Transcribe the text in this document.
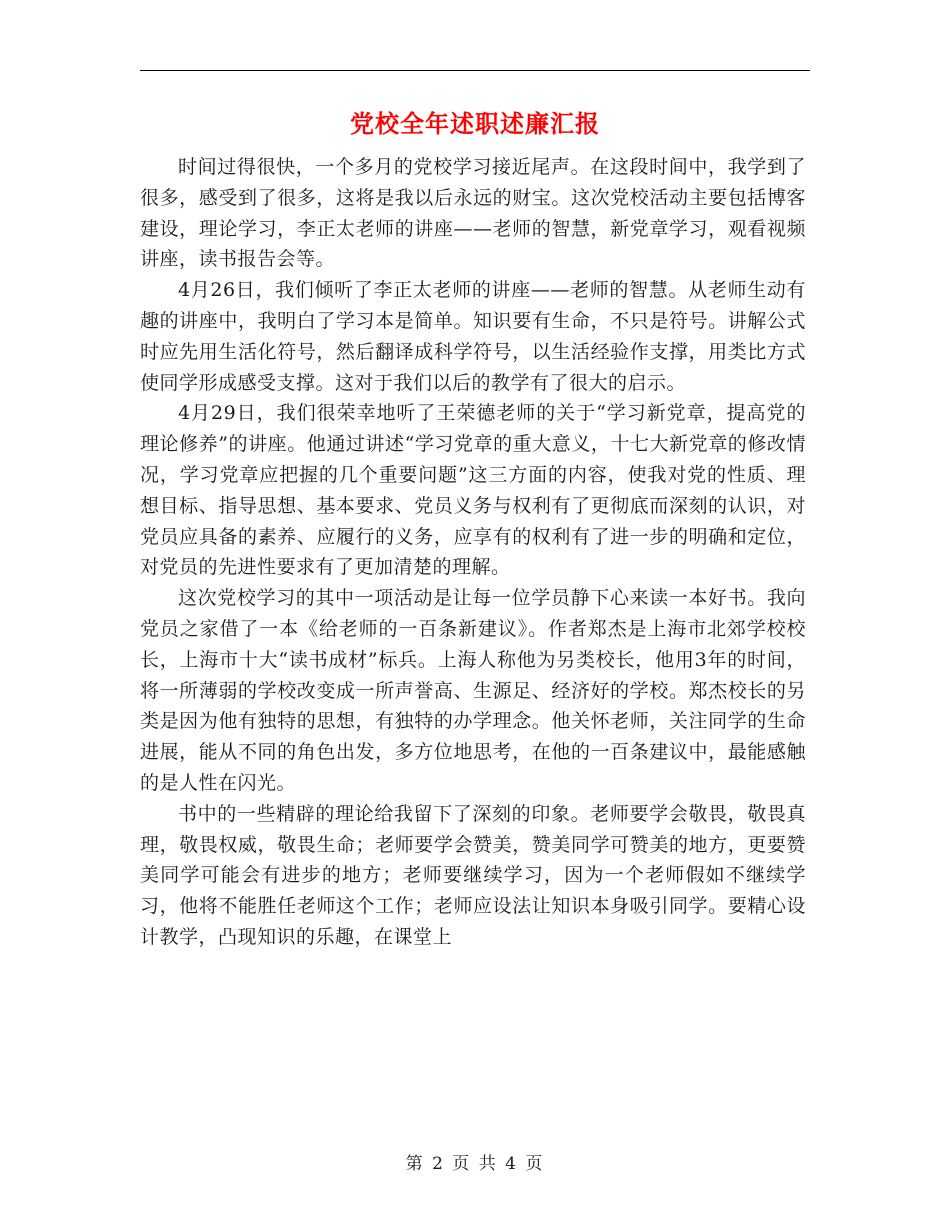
党校全年述职述廉汇报

时间过得很快，一个多月的党校学习接近尾声。在这段时间中，我学到了很多，感受到了很多，这将是我以后永远的财宝。这次党校活动主要包括博客建设，理论学习，李正太老师的讲座——老师的智慧，新党章学习，观看视频讲座，读书报告会等。

4月26日，我们倾听了李正太老师的讲座——老师的智慧。从老师生动有趣的讲座中，我明白了学习本是简单。知识要有生命，不只是符号。讲解公式时应先用生活化符号，然后翻译成科学符号，以生活经验作支撑，用类比方式使同学形成感受支撑。这对于我们以后的教学有了很大的启示。

4月29日，我们很荣幸地听了王荣德老师的关于“学习新党章，提高党的理论修养”的讲座。他通过讲述“学习党章的重大意义，十七大新党章的修改情况，学习党章应把握的几个重要问题”这三方面的内容，使我对党的性质、理想目标、指导思想、基本要求、党员义务与权利有了更彻底而深刻的认识，对党员应具备的素养、应履行的义务，应享有的权利有了进一步的明确和定位，对党员的先进性要求有了更加清楚的理解。

这次党校学习的其中一项活动是让每一位学员静下心来读一本好书。我向党员之家借了一本《给老师的一百条新建议》。作者郑杰是上海市北郊学校校长，上海市十大“读书成材”标兵。上海人称他为另类校长，他用3年的时间，将一所薄弱的学校改变成一所声誉高、生源足、经济好的学校。郑杰校长的另类是因为他有独特的思想，有独特的办学理念。他关怀老师，关注同学的生命进展，能从不同的角色出发，多方位地思考，在他的一百条建议中，最能感触的是人性在闪光。

书中的一些精辟的理论给我留下了深刻的印象。老师要学会敬畏，敬畏真理，敬畏权威，敬畏生命；老师要学会赞美，赞美同学可赞美的地方，更要赞美同学可能会有进步的地方；老师要继续学习，因为一个老师假如不继续学习，他将不能胜任老师这个工作；老师应设法让知识本身吸引同学。要精心设计教学，凸现知识的乐趣，在课堂上

第 2 页 共 4 页
